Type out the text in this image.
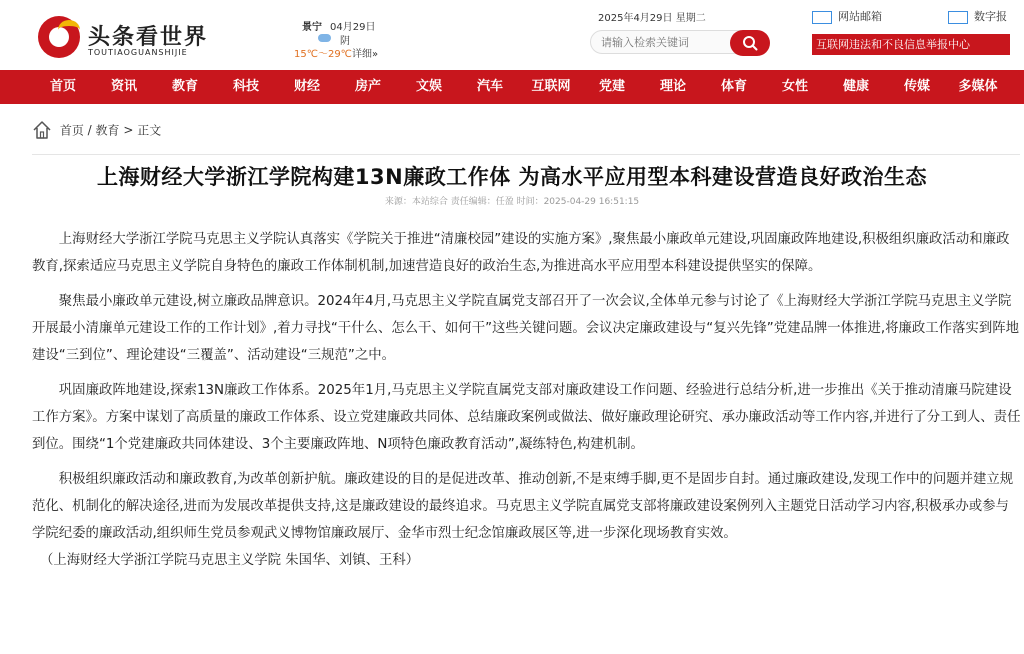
头条看世界
TOUTIAOGUANSHIJIE
景宁 04月29日
阴
15℃～29℃ 详细»
2025年4月29日 星期二
请输入检索关键词	网站邮箱	数字报
互联网违法和不良信息举报中心
首页	资讯	教育	科技	财经	房产	文娱	汽车 互联网 党建	理论	体育	女性	健康	传媒 多媒体
首页 / 教育 > 正文
上海财经大学浙江学院构建13N廉政工作体 为高水平应用型本科建设营造良好政治生态
来源：本站综合 责任编辑：任盈 时间：2025-04-29 16:51:15

上海财经大学浙江学院马克思主义学院认真落实《学院关于推进“清廉校园”建设的实施方案》,聚焦最小廉政单元建设,巩固廉政阵地建设,积极组织廉政活动和廉政教育,探索适应马克思主义学院自身特色的廉政工作体制机制,加速营造良好的政治生态,为推进高水平应用型本科建设提供坚实的保障。

聚焦最小廉政单元建设,树立廉政品牌意识。2024年4月,马克思主义学院直属党支部召开了一次会议,全体单元参与讨论了《上海财经大学浙江学院马克思主义学院开展最小清廉单元建设工作的工作计划》,着力寻找“干什么、怎么干、如何干”这些关键问题。会议决定廉政建设与“复兴先锋”党建品牌一体推进,将廉政工作落实到阵地建设“三到位”、理论建设“三覆盖”、活动建设“三规范”之中。

巩固廉政阵地建设,探索13N廉政工作体系。2025年1月,马克思主义学院直属党支部对廉政建设工作问题、经验进行总结分析,进一步推出《关于推动清廉马院建设工作方案》。方案中谋划了高质量的廉政工作体系、设立党建廉政共同体、总结廉政案例或做法、做好廉政理论研究、承办廉政活动等工作内容,并进行了分工到人、责任到位。围绕“1个党建廉政共同体建设、3个主要廉政阵地、N项特色廉政教育活动”,凝练特色,构建机制。

积极组织廉政活动和廉政教育,为改革创新护航。廉政建设的目的是促进改革、推动创新,不是束缚手脚,更不是固步自封。通过廉政建设,发现工作中的问题并建立规范化、机制化的解决途径,进而为发展改革提供支持,这是廉政建设的最终追求。马克思主义学院直属党支部将廉政建设案例列入主题党日活动学习内容,积极承办或参与学院纪委的廉政活动,组织师生党员参观武义博物馆廉政展厅、金华市烈士纪念馆廉政展区等,进一步深化现场教育实效。

（上海财经大学浙江学院马克思主义学院 朱国华、刘镇、王科）
